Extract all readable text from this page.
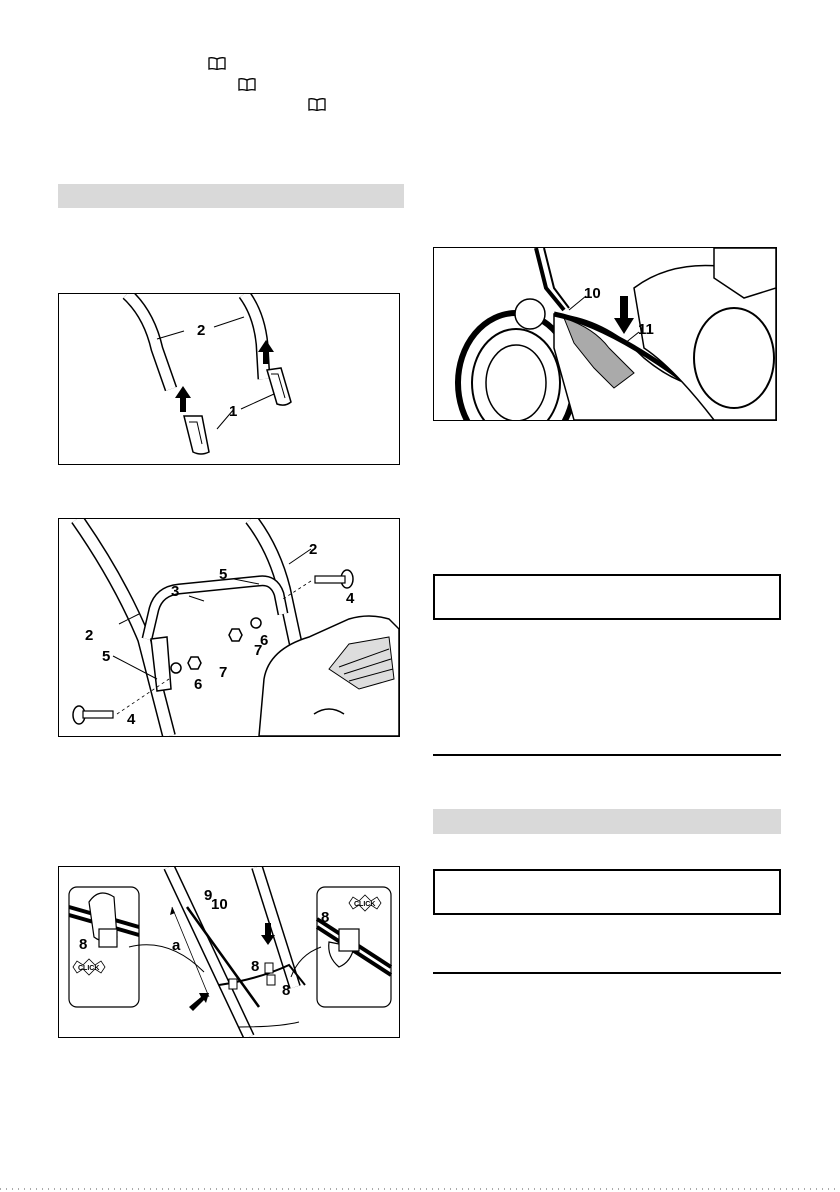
1
2
2
2
3	4
4
5
5
6
6
7
7
CLICK
8
CLICK
8
a
8
8
9
10
10
11
